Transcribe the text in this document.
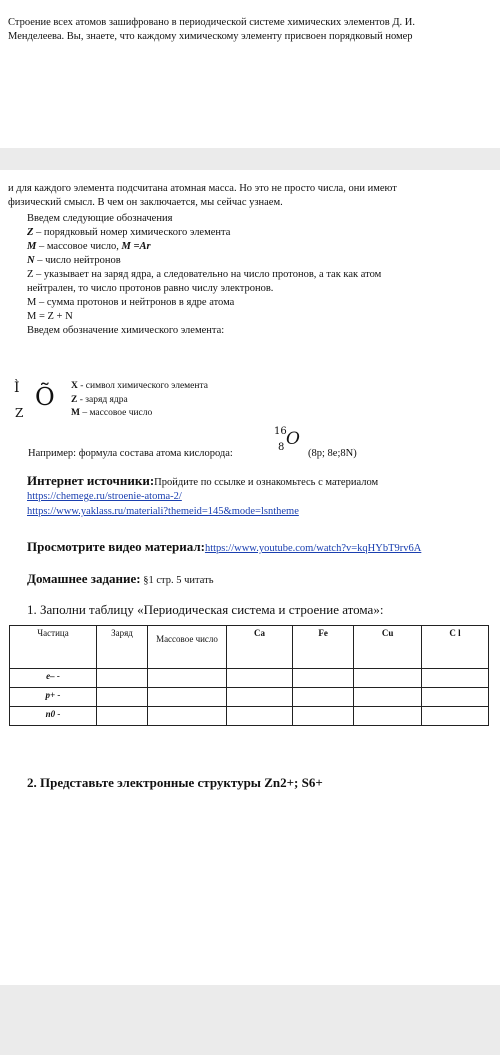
Строение всех атомов зашифровано в периодической системе химических элементов Д. И.
Менделеева. Вы, знаете, что каждому химическому элементу присвоен порядковый номер
и для каждого элемента подсчитана атомная масса. Но это не просто числа, они имеют
физический смысл. В чем он заключается, мы сейчас узнаем.
Введем следующие обозначения
Z – порядковый номер химического элемента
M – массовое число, M =Ar
N – число нейтронов
Z – указывает на заряд ядра, а следовательно на число протонов, а так как атом
нейтрален, то число протонов равно числу электронов.
M – сумма протонов и нейтронов в ядре атома
M = Z + N
Введем обозначение химического элемента:
Ì Õ
Z
X - символ химического элемента
Z - заряд ядра
M – массовое число
Например: формула состава атома кислорода:
16
8 O
(8p; 8e;8N)
Интернет источники:Пройдите по ссылке и ознакомьтесь с материалом
https://chemege.ru/stroenie-atoma-2/
https://www.yaklass.ru/materiali?themeid=145&mode=lsntheme
Просмотрите видео материал:https://www.youtube.com/watch?v=kqHYbT9rv6A
Домашнее задание: §1 стр. 5 читать
1. Заполни таблицу «Периодическая система и строение атома»:
Частица	Заряд	Массовое число	Ca	Fe	Cu	C l
e– -						
p+ -						
n0 -						
2. Представьте электронные структуры Zn2+; S6+
